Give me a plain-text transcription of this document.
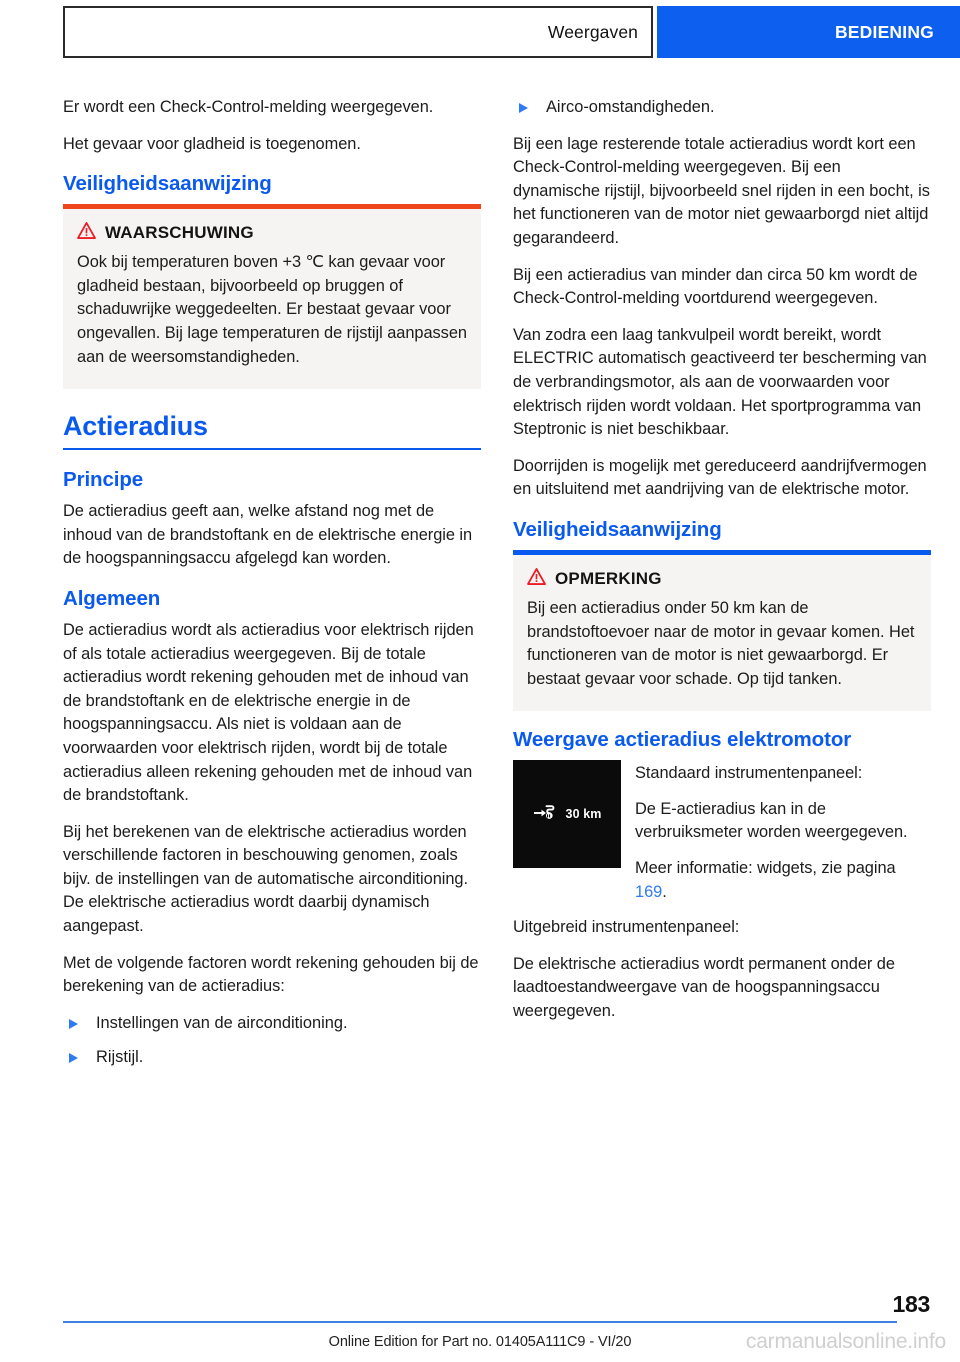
Weergaven	BEDIENING

Er wordt een Check-Control-melding weergegeven.

Het gevaar voor gladheid is toegenomen.

Veiligheidsaanwijzing
WAARSCHUWING

Ook bij temperaturen boven +3 ℃ kan gevaar voor gladheid bestaan, bijvoorbeeld op bruggen of schaduwrijke weggedeelten. Er bestaat gevaar voor ongevallen. Bij lage temperaturen de rijstijl aanpassen aan de weersomstandigheden.

Actieradius
Principe

De actieradius geeft aan, welke afstand nog met de inhoud van de brandstoftank en de elektrische energie in de hoogspanningsaccu afgelegd kan worden.

Algemeen

De actieradius wordt als actieradius voor elektrisch rijden of als totale actieradius weergegeven. Bij de totale actieradius wordt rekening gehouden met de inhoud van de brandstoftank en de elektrische energie in de hoogspanningsaccu. Als niet is voldaan aan de voorwaarden voor elektrisch rijden, wordt bij de totale actieradius alleen rekening gehouden met de inhoud van de brandstoftank.

Bij het berekenen van de elektrische actieradius worden verschillende factoren in beschouwing genomen, zoals bijv. de instellingen van de automatische airconditioning. De elektrische actieradius wordt daarbij dynamisch aangepast.

Met de volgende factoren wordt rekening gehouden bij de berekening van de actieradius:

Instellingen van de airconditioning.
Rijstijl.
Airco-omstandigheden.

Bij een lage resterende totale actieradius wordt kort een Check-Control-melding weergegeven. Bij een dynamische rijstijl, bijvoorbeeld snel rijden in een bocht, is het functioneren van de motor niet gewaarborgd niet altijd gegarandeerd.

Bij een actieradius van minder dan circa 50 km wordt de Check-Control-melding voortdurend weergegeven.

Van zodra een laag tankvulpeil wordt bereikt, wordt ELECTRIC automatisch geactiveerd ter bescherming van de verbrandingsmotor, als aan de voorwaarden voor elektrisch rijden wordt voldaan. Het sportprogramma van Steptronic is niet beschikbaar.

Doorrijden is mogelijk met gereduceerd aandrijfvermogen en uitsluitend met aandrijving van de elektrische motor.

Veiligheidsaanwijzing
OPMERKING

Bij een actieradius onder 50 km kan de brandstoftoevoer naar de motor in gevaar komen. Het functioneren van de motor is niet gewaarborgd. Er bestaat gevaar voor schade. Op tijd tanken.

Weergave actieradius elektromotor
30 km

Standaard instrumentenpaneel:

De E-actieradius kan in de verbruiksmeter worden weergegeven.

Meer informatie: widgets, zie pagina 169.

Uitgebreid instrumentenpaneel:

De elektrische actieradius wordt permanent onder de laadtoestandweergave van de hoogspanningsaccu weergegeven.

183
Online Edition for Part no. 01405A111C9 - VI/20	carmanualsonline.info
